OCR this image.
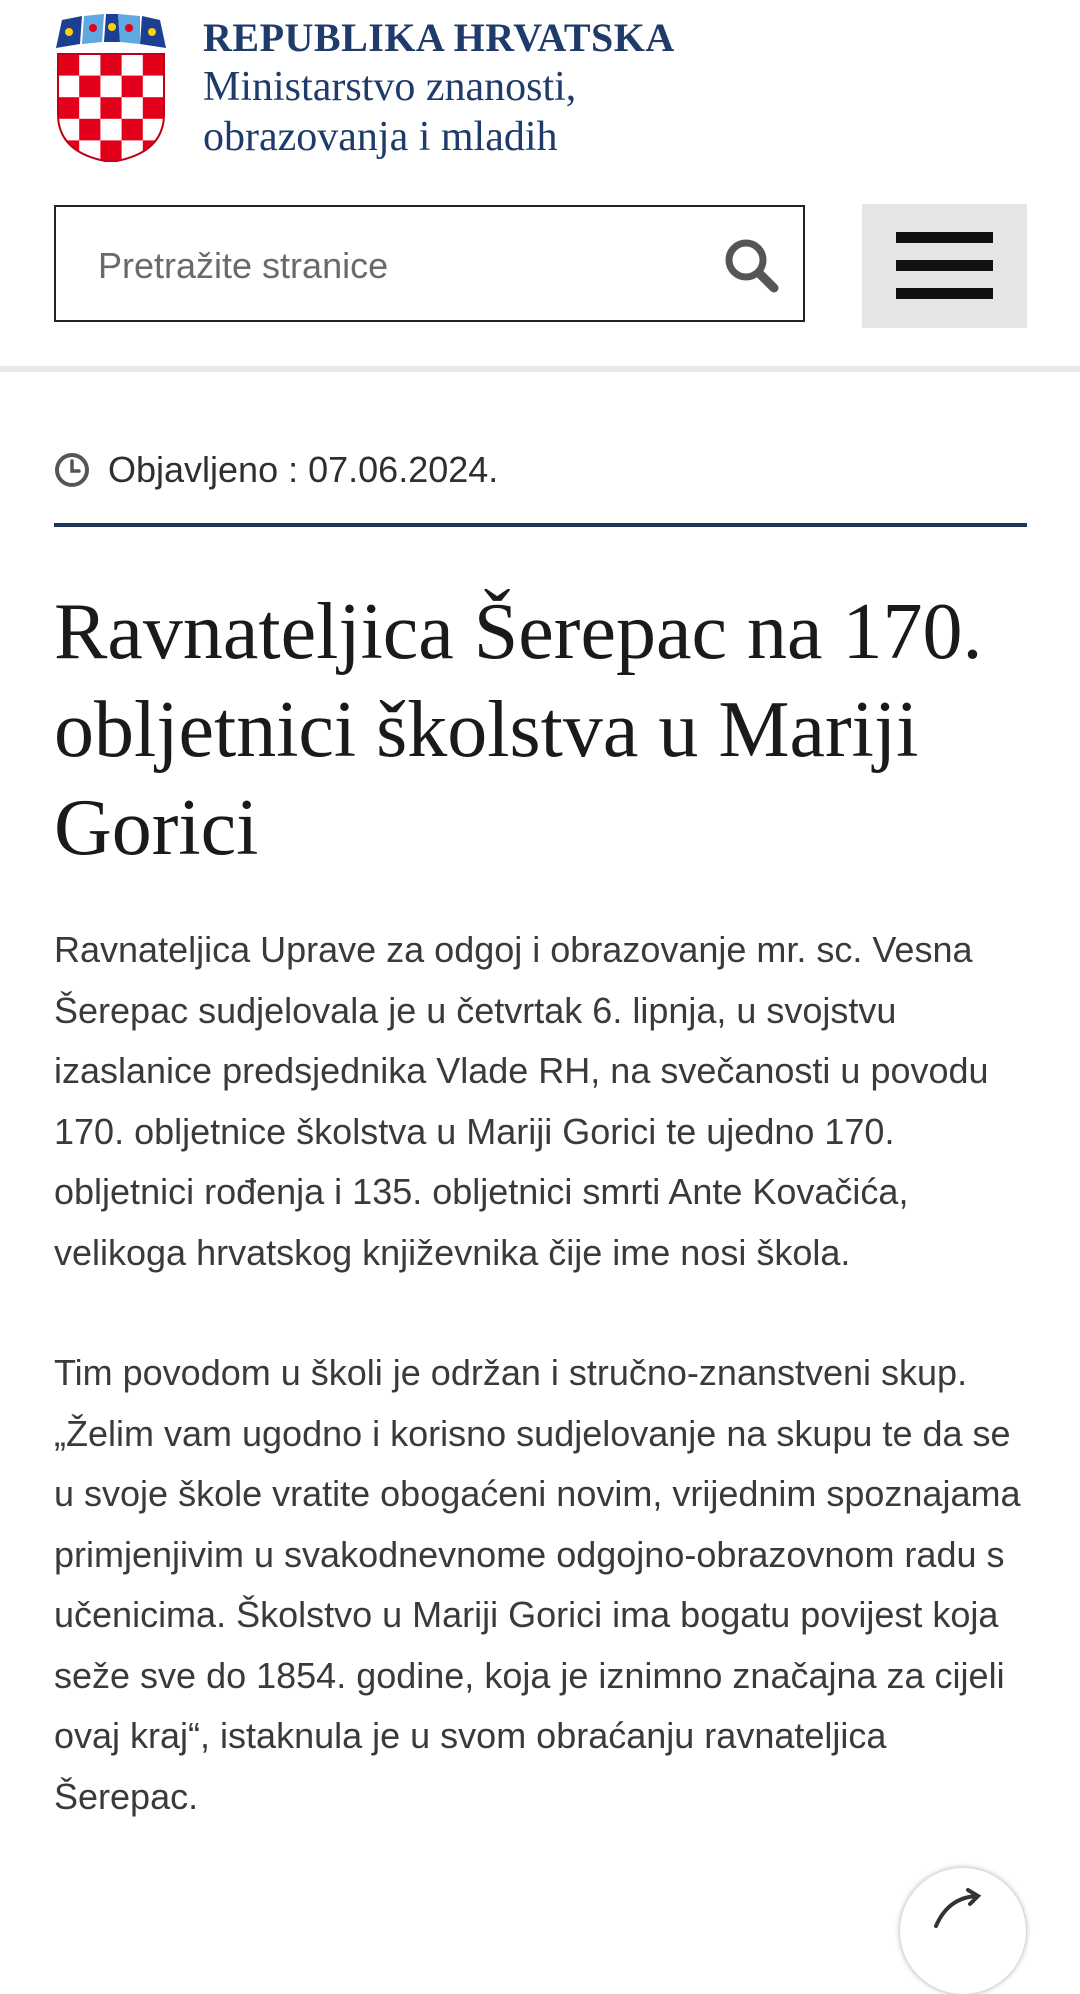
REPUBLIKA HRVATSKA
Ministarstvo znanosti,
obrazovanja i mladih
Pretražite stranice
Objavljeno : 07.06.2024.
Ravnateljica Šerepac na 170. obljetnici školstva u Mariji Gorici

Ravnateljica Uprave za odgoj i obrazovanje mr. sc. Vesna Šerepac sudjelovala je u četvrtak 6. lipnja, u svojstvu izaslanice predsjednika Vlade RH, na svečanosti u povodu 170. obljetnice školstva u Mariji Gorici te ujedno 170. obljetnici rođenja i 135. obljetnici smrti Ante Kovačića, velikoga hrvatskog književnika čije ime nosi škola.

Tim povodom u školi je održan i stručno-znanstveni skup. „Želim vam ugodno i korisno sudjelovanje na skupu te da se u svoje škole vratite obogaćeni novim, vrijednim spoznajama primjenjivim u svakodnevnome odgojno-obrazovnom radu s učenicima. Školstvo u Mariji Gorici ima bogatu povijest koja seže sve do 1854. godine, koja je iznimno značajna za cijeli ovaj kraj“, istaknula je u svom obraćanju ravnateljica Šerepac.
